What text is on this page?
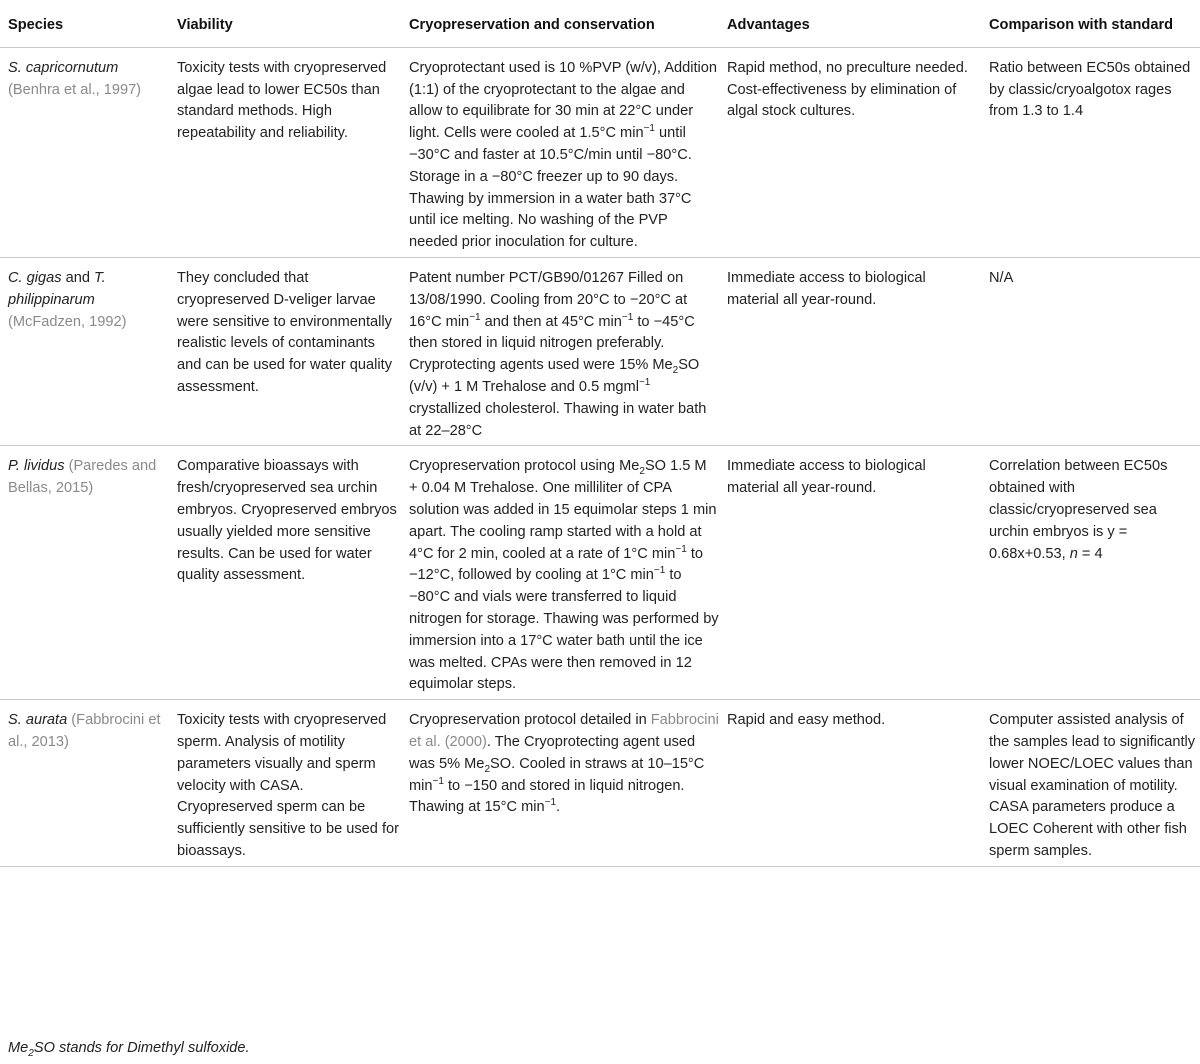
Species	Viability	Cryopreservation and conservation	Advantages	Comparison with standard
S. capricornutum (Benhra et al., 1997)	Toxicity tests with cryopreserved algae lead to lower EC50s than standard methods. High repeatability and reliability.	Cryoprotectant used is 10 %PVP (w/v), Addition (1:1) of the cryoprotectant to the algae and allow to equilibrate for 30 min at 22°C under light. Cells were cooled at 1.5°C $\min^{-1}$ until −30°C and faster at 10.5°C/min until −80°C. Storage in a −80°C freezer up to 90 days. Thawing by immersion in a water bath 37°C until ice melting. No washing of the PVP needed prior inoculation for culture.	Rapid method, no preculture needed. Cost-effectiveness by elimination of algal stock cultures.	Ratio between EC50s obtained by classic/cryoalgotox rages from 1.3 to 1.4
C. gigas and T. philippinarum (McFadzen, 1992)	They concluded that cryopreserved D-veliger larvae were sensitive to environmentally realistic levels of contaminants and can be used for water quality assessment.	Patent number PCT/GB90/01267 Filled on 13/08/1990. Cooling from 20°C to −20°C at 16°C $\min^{-1}$ and then at 45°C $\min^{-1}$ to −45°C then stored in liquid nitrogen preferably. Cryprotecting agents used were 15% $Me_2SO$ (v/v) + 1 M Trehalose and 0.5 mgml$^{-1}$ crystallized cholesterol. Thawing in water bath at 22–28°C	Immediate access to biological material all year-round.	N/A
P. lividus (Paredes and Bellas, 2015)	Comparative bioassays with fresh/cryopreserved sea urchin embryos. Cryopreserved embryos usually yielded more sensitive results. Can be used for water quality assessment.	Cryopreservation protocol using $Me_2SO$ 1.5 M + 0.04 M Trehalose. One milliliter of CPA solution was added in 15 equimolar steps 1 min apart. The cooling ramp started with a hold at 4°C for 2 min, cooled at a rate of 1°C $\min^{-1}$ to −12°C, followed by cooling at 1°C $\min^{-1}$ to −80°C and vials were transferred to liquid nitrogen for storage. Thawing was performed by immersion into a 17°C water bath until the ice was melted. CPAs were then removed in 12 equimolar steps.	Immediate access to biological material all year-round.	Correlation between EC50s obtained with classic/cryopreserved sea urchin embryos is y = 0.68x+0.53, n = 4
S. aurata (Fabbrocini et al., 2013)	Toxicity tests with cryopreserved sperm. Analysis of motility parameters visually and sperm velocity with CASA. Cryopreserved sperm can be sufficiently sensitive to be used for bioassays.	Cryopreservation protocol detailed in Fabbrocini et al. (2000). The Cryoprotecting agent used was 5% $Me_2SO$. Cooled in straws at 10–15°C $\min^{-1}$ to −150 and stored in liquid nitrogen. Thawing at 15°C $\min^{-1}$.	Rapid and easy method.	Computer assisted analysis of the samples lead to significantly lower NOEC/LOEC values than visual examination of motility. CASA parameters produce a LOEC Coherent with other fish sperm samples.
$Me_2SO$ stands for Dimethyl sulfoxide.
